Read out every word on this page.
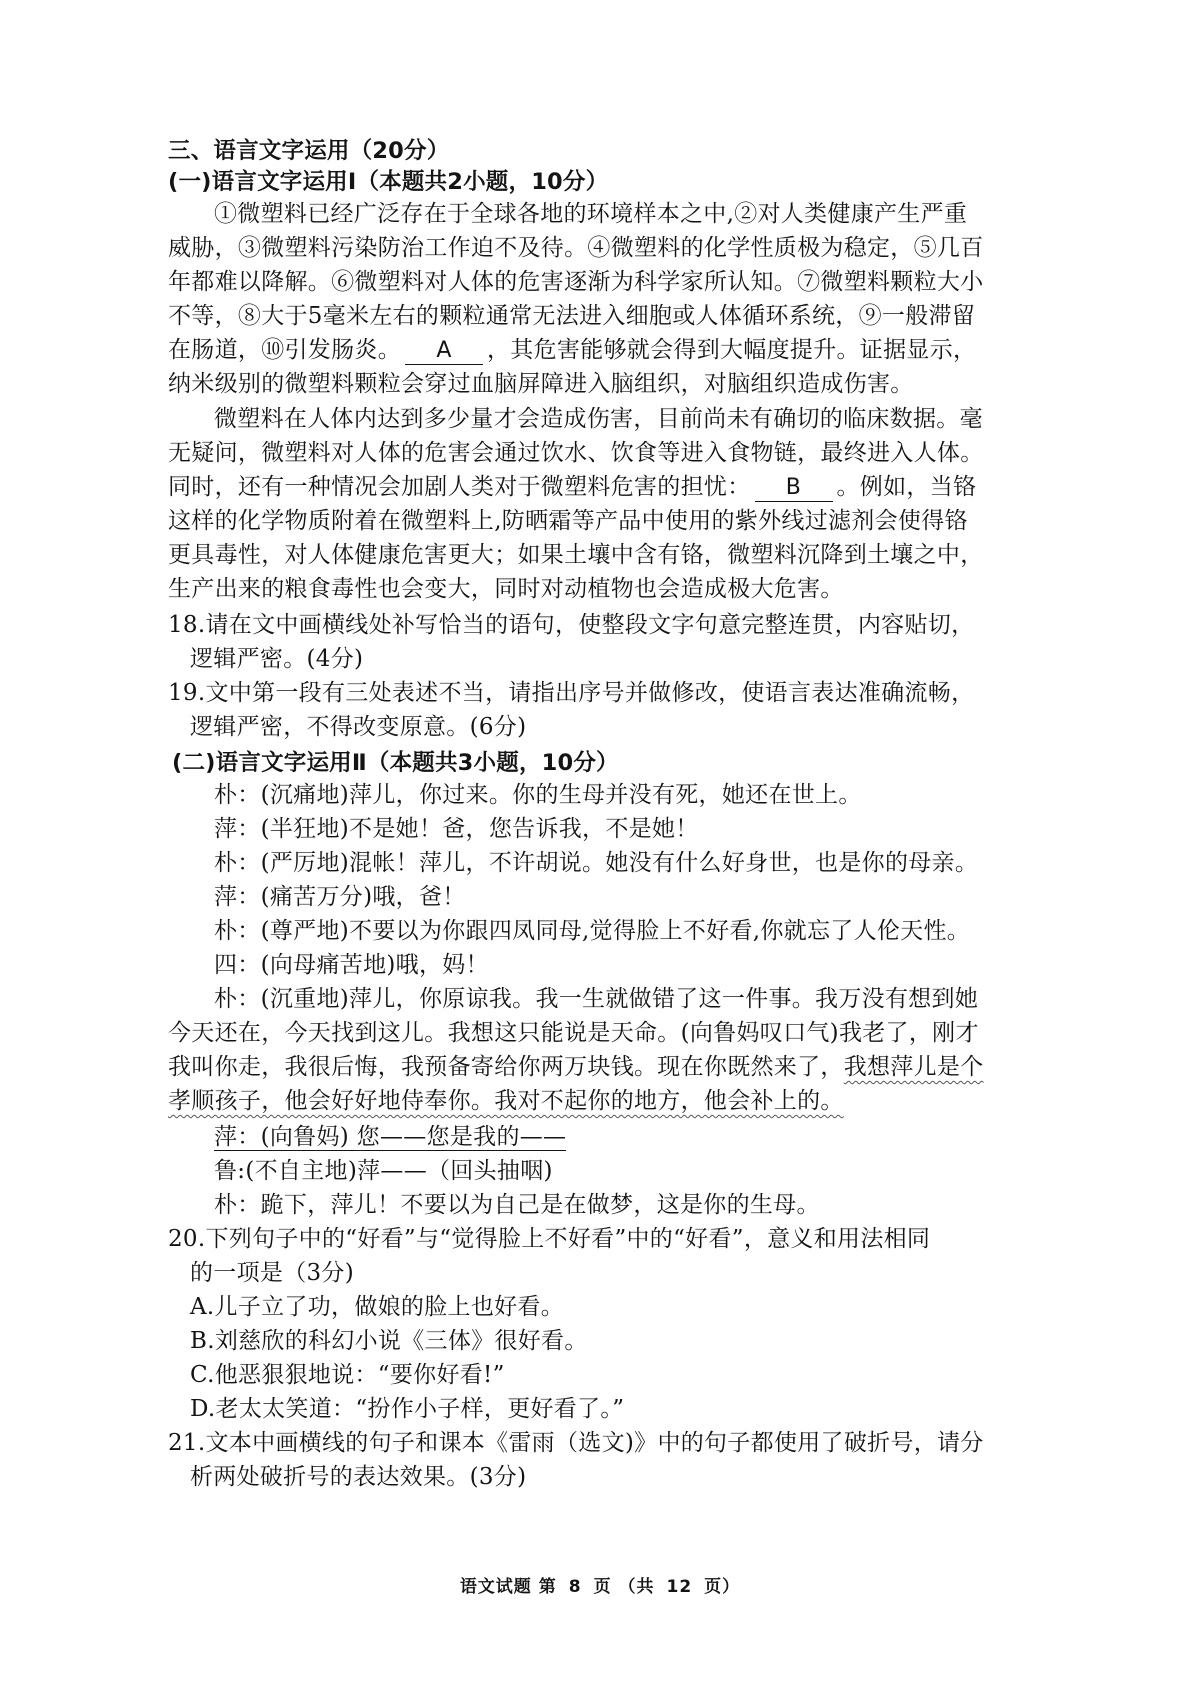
三、语言文字运用（20分）
(一)语言文字运用Ⅰ（本题共2小题，10分）
①微塑料已经广泛存在于全球各地的环境样本之中,②对人类健康产生严重
威胁，③微塑料污染防治工作迫不及待。④微塑料的化学性质极为稳定，⑤几百
年都难以降解。⑥微塑料对人体的危害逐渐为科学家所认知。⑦微塑料颗粒大小
不等，⑧大于5毫米左右的颗粒通常无法进入细胞或人体循环系统，⑨一般滞留
在肠道，⑩引发肠炎。 A ，其危害能够就会得到大幅度提升。证据显示，
纳米级别的微塑料颗粒会穿过血脑屏障进入脑组织，对脑组织造成伤害。
微塑料在人体内达到多少量才会造成伤害，目前尚未有确切的临床数据。毫
无疑问，微塑料对人体的危害会通过饮水、饮食等进入食物链，最终进入人体。
同时，还有一种情况会加剧人类对于微塑料危害的担忧： B 。例如，当铬
这样的化学物质附着在微塑料上,防晒霜等产品中使用的紫外线过滤剂会使得铬
更具毒性，对人体健康危害更大；如果土壤中含有铬，微塑料沉降到土壤之中，
生产出来的粮食毒性也会变大，同时对动植物也会造成极大危害。
18.请在文中画横线处补写恰当的语句，使整段文字句意完整连贯，内容贴切，
逻辑严密。(4分)
19.文中第一段有三处表述不当，请指出序号并做修改，使语言表达准确流畅，
逻辑严密，不得改变原意。(6分)
(二)语言文字运用Ⅱ（本题共3小题，10分）
朴：(沉痛地)萍儿，你过来。你的生母并没有死，她还在世上。
萍：(半狂地)不是她！爸，您告诉我，不是她！
朴：(严厉地)混帐！萍儿，不许胡说。她没有什么好身世，也是你的母亲。
萍：(痛苦万分)哦，爸！
朴：(尊严地)不要以为你跟四凤同母,觉得脸上不好看,你就忘了人伦天性。
四：(向母痛苦地)哦，妈！
朴：(沉重地)萍儿，你原谅我。我一生就做错了这一件事。我万没有想到她
今天还在，今天找到这儿。我想这只能说是天命。(向鲁妈叹口气)我老了，刚才
我叫你走，我很后悔，我预备寄给你两万块钱。现在你既然来了，我想萍儿是个
孝顺孩子，他会好好地侍奉你。我对不起你的地方，他会补上的。
萍：(向鲁妈) 您——您是我的——
鲁:(不自主地)萍——（回头抽咽)
朴：跪下，萍儿！不要以为自己是在做梦，这是你的生母。
20.下列句子中的“好看”与“觉得脸上不好看”中的“好看”，意义和用法相同
的一项是（3分)
A.儿子立了功，做娘的脸上也好看。
B.刘慈欣的科幻小说《三体》很好看。
C.他恶狠狠地说：“要你好看!”
D.老太太笑道：“扮作小子样，更好看了。”
21.文本中画横线的句子和课本《雷雨（选文)》中的句子都使用了破折号，请分
析两处破折号的表达效果。(3分)
语文试题 第 8 页 （共 12 页）
